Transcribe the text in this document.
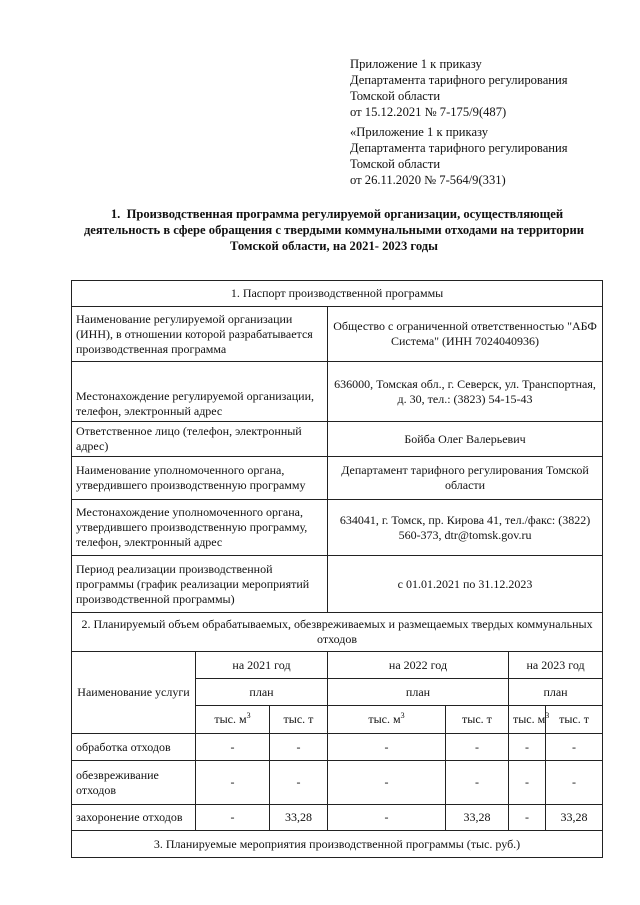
Приложение 1 к приказу
Департамента тарифного регулирования
Томской области
от 15.12.2021 № 7-175/9(487)
«Приложение 1 к приказу
Департамента тарифного регулирования
Томской области
от 26.11.2020 № 7-564/9(331)
1. Производственная программа регулируемой организации, осуществляющей
деятельность в сфере обращения с твердыми коммунальными отходами на территории
Томской области, на 2021- 2023 годы
1. Паспорт производственной программы						
Наименование регулируемой организации (ИНН), в отношении которой разрабатывается производственная программа			Общество с ограниченной ответственностью "АБФ Система" (ИНН 7024040936)			
Местонахождение регулируемой организации, телефон, электронный адрес			636000, Томская обл., г. Северск, ул. Транспортная, д. 30, тел.: (3823) 54-15-43			
Ответственное лицо (телефон, электронный адрес)			Бойба Олег Валерьевич			
Наименование уполномоченного органа, утвердившего производственную программу			Департамент тарифного регулирования Томской области			
Местонахождение уполномоченного органа, утвердившего производственную программу, телефон, электронный адрес			634041, г. Томск, пр. Кирова 41, тел./факс: (3822) 560-373, dtr@tomsk.gov.ru			
Период реализации производственной программы (график реализации мероприятий производственной программы)			с 01.01.2021 по 31.12.2023			
2. Планируемый объем обрабатываемых, обезвреживаемых и размещаемых твердых коммунальных отходов						
Наименование услуги	на 2021 год		на 2022 год		на 2023 год	
	план		план		план	
	тыс. $м^3$	тыс. т	тыс. $м^3$	тыс. т	тыс. $м^3$	тыс. т
обработка отходов	-	-	-	-	-	-
обезвреживание отходов	-	-	-	-	-	-
захоронение отходов	-	33,28	-	33,28	-	33,28
3. Планируемые мероприятия производственной программы (тыс. руб.)						
